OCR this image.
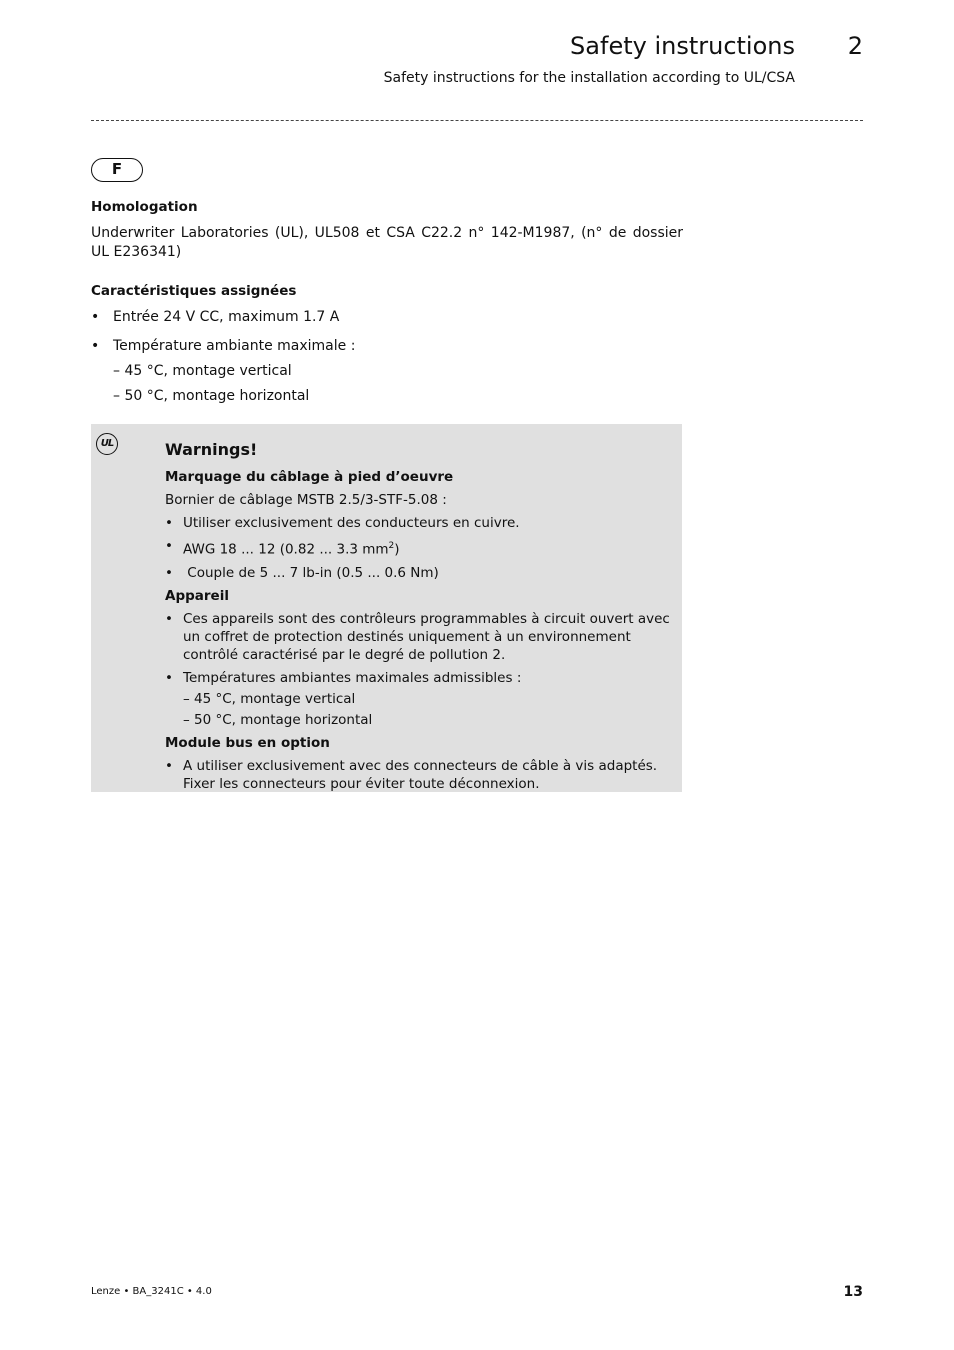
Safety instructions 2
Safety instructions for the installation according to UL/CSA
F

Homologation

Underwriter Laboratories (UL), UL508 et CSA C22.2 n° 142-M1987, (n° de dossier UL E236341)

Caractéristiques assignées

• Entrée 24 V CC, maximum 1.7 A
• Température ambiante maximale :
– 45 °C, montage vertical
– 50 °C, montage horizontal
UL	Warnings!

Marquage du câblage à pied d’oeuvre

Bornier de câblage MSTB 2.5/3-STF-5.08 :

• Utiliser exclusivement des conducteurs en cuivre.
• AWG 18 ... 12 (0.82 ... 3.3 $mm^2$)
•  Couple de 5 ... 7 lb-in (0.5 ... 0.6 Nm)

Appareil

• Ces appareils sont des contrôleurs programmables à circuit ouvert avec un coffret de protection destinés uniquement à un environnement contrôlé caractérisé par le degré de pollution 2.
• Températures ambiantes maximales admissibles :
– 45 °C, montage vertical
– 50 °C, montage horizontal

Module bus en option

• A utiliser exclusivement avec des connecteurs de câble à vis adaptés. Fixer les connecteurs pour éviter toute déconnexion.
Lenze • BA_3241C • 4.0	13
